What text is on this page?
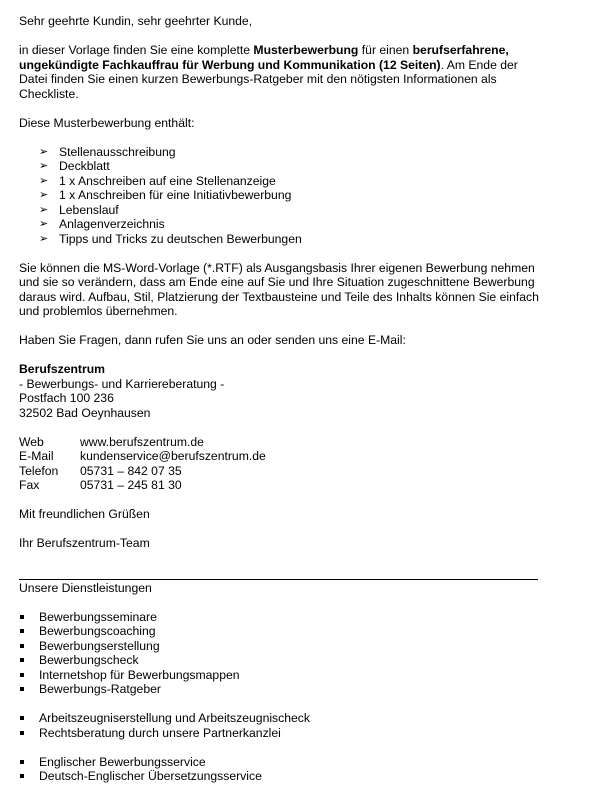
Sehr geehrte Kundin, sehr geehrter Kunde,

in dieser Vorlage finden Sie eine komplette Musterbewerbung für einen berufserfahrene, ungekündigte Fachkauffrau für Werbung und Kommunikation (12 Seiten). Am Ende der Datei finden Sie einen kurzen Bewerbungs-Ratgeber mit den nötigsten Informationen als Checkliste.

Diese Musterbewerbung enthält:

➢ Stellenausschreibung
➢ Deckblatt
➢ 1 x Anschreiben auf eine Stellenanzeige
➢ 1 x Anschreiben für eine Initiativbewerbung
➢ Lebenslauf
➢ Anlagenverzeichnis
➢ Tipps und Tricks zu deutschen Bewerbungen

Sie können die MS-Word-Vorlage (*.RTF) als Ausgangsbasis Ihrer eigenen Bewerbung nehmen und sie so verändern, dass am Ende eine auf Sie und Ihre Situation zugeschnittene Bewerbung daraus wird. Aufbau, Stil, Platzierung der Textbausteine und Teile des Inhalts können Sie einfach und problemlos übernehmen.

Haben Sie Fragen, dann rufen Sie uns an oder senden uns eine E-Mail:

Berufszentrum

- Bewerbungs- und Karriereberatung -

Postfach 100 236

32502 Bad Oeynhausen

Web	www.berufszentrum.de
E-Mail	kundenservice@berufszentrum.de
Telefon	05731 – 842 07 35
Fax	05731 – 245 81 30

Mit freundlichen Grüßen

Ihr Berufszentrum-Team

Unsere Dienstleistungen

Bewerbungsseminare
Bewerbungscoaching
Bewerbungserstellung
Bewerbungscheck
Internetshop für Bewerbungsmappen
Bewerbungs-Ratgeber
Arbeitszeugniserstellung und Arbeitszeugnischeck
Rechtsberatung durch unsere Partnerkanzlei
Englischer Bewerbungsservice
Deutsch-Englischer Übersetzungsservice
